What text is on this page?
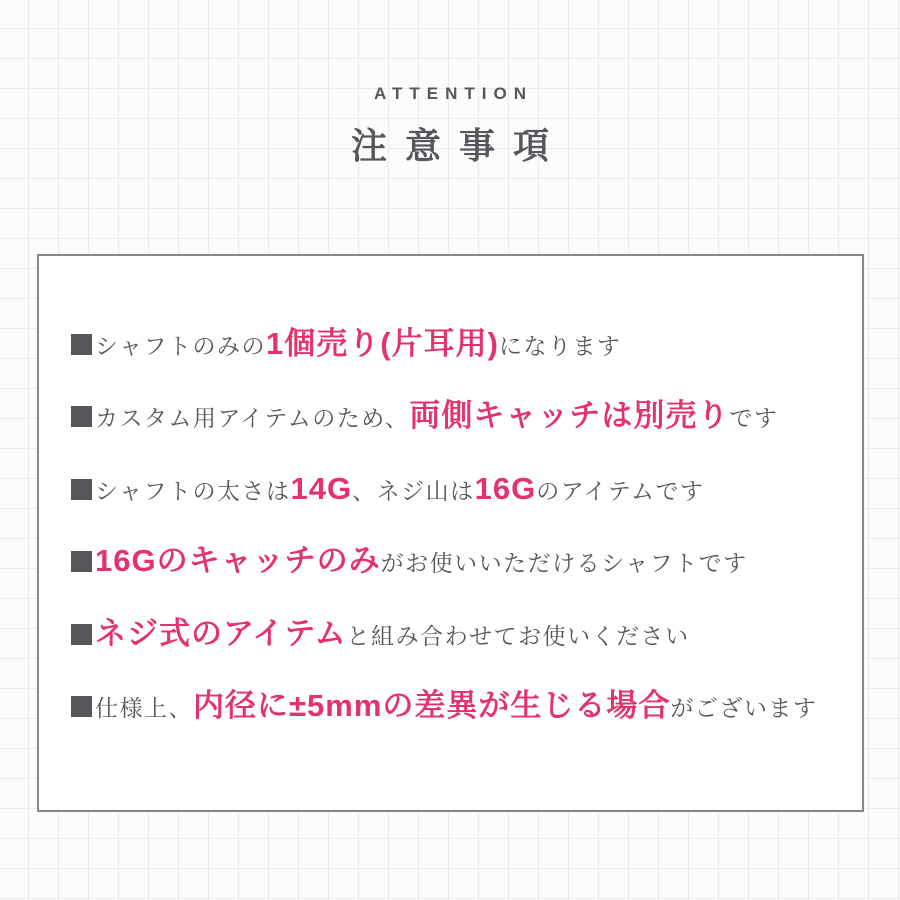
ATTENTION
注意事項
シャフトのみの1個売り(片耳用)になります
カスタム用アイテムのため、両側キャッチは別売りです
シャフトの太さは14G、ネジ山は16Gのアイテムです
16Gのキャッチのみがお使いいただけるシャフトです
ネジ式のアイテムと組み合わせてお使いください
仕様上、内径に±5mmの差異が生じる場合がございます
